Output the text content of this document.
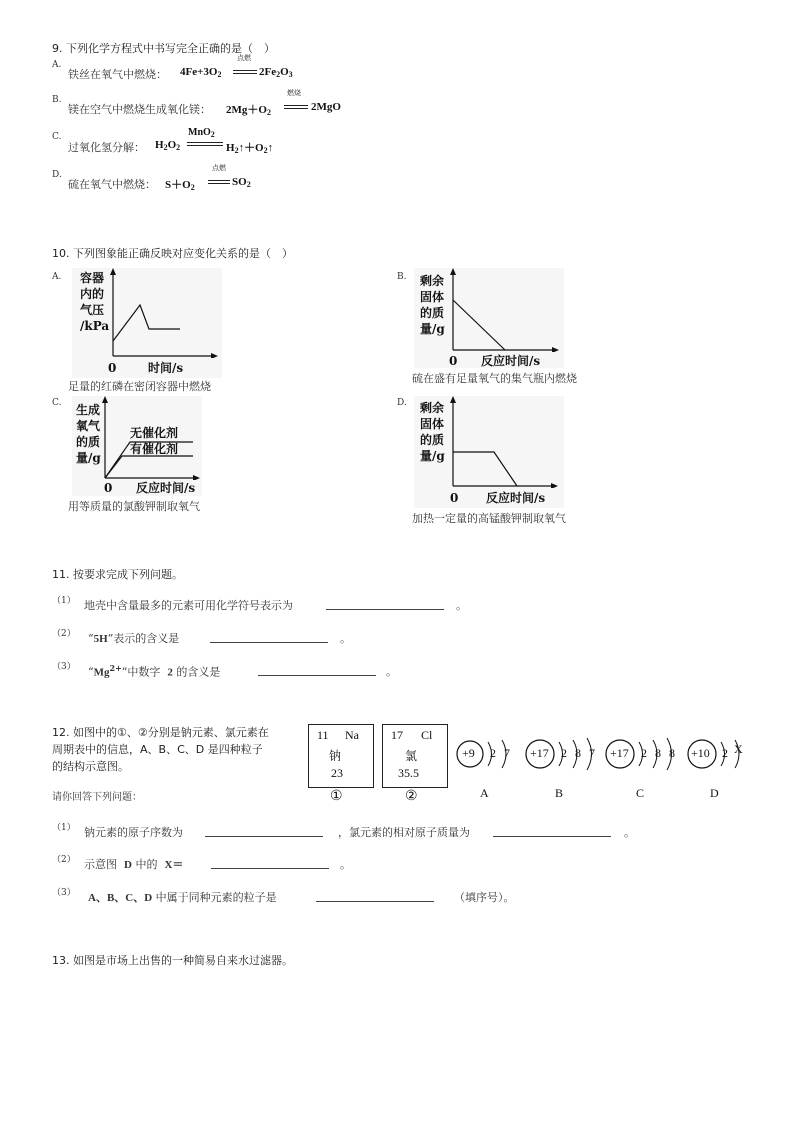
9. 下列化学方程式中书写完全正确的是（　）
A.
铁丝在氧气中燃烧： $4Fe+3O_2$
点燃
$2Fe_2O_3$
B.
镁在空气中燃烧生成氧化镁： $2Mg+O_2$
燃烧
2MgO
C.
过氧化氢分解： $H_2O_2$
MnO$_2$
$H_2↑+O_2↑$
D.
硫在氧气中燃烧： $S+O_2$
点燃
$SO_2$
10. 下列图象能正确反映对应变化关系的是（　）
A. 容器
内的
气压
/kPa
0	时间/s
足量的红磷在密闭容器中燃烧
B. 剩余
固体
的质
量/g
0 反应时间/s
硫在盛有足量氧气的集气瓶内燃烧
C. 生成
氧气
的质
量/g
无催化剂
有催化剂
0 反应时间/s
用等质量的氯酸钾制取氧气
D. 剩余
固体
的质
量/g
0 反应时间/s
加热一定量的高锰酸钾制取氧气
11. 按要求完成下列问题。
（1） 地壳中含量最多的元素可用化学符号表示为	。
（2） “5H”表示的含义是	。
（3） “$Mg^{2+}$”中数字 2 的含义是	。
12. 如图中的①、②分别是钠元素、氯元素在
周期表中的信息，A、B、C、D 是四种粒子
的结构示意图。
请你回答下列问题：
11 Na
钠
23
①
17 Cl
氯
35.5
②
+9 2 7
A
+17 2 8 7
B
+17 2 8 8
C
+10 2 X
D
（1） 钠元素的原子序数为	，氯元素的相对原子质量为	。
（2） 示意图 D 中的 X＝	。
（3） A、B、C、D 中属于同种元素的粒子是	（填序号）。
13. 如图是市场上出售的一种简易自来水过滤器。
